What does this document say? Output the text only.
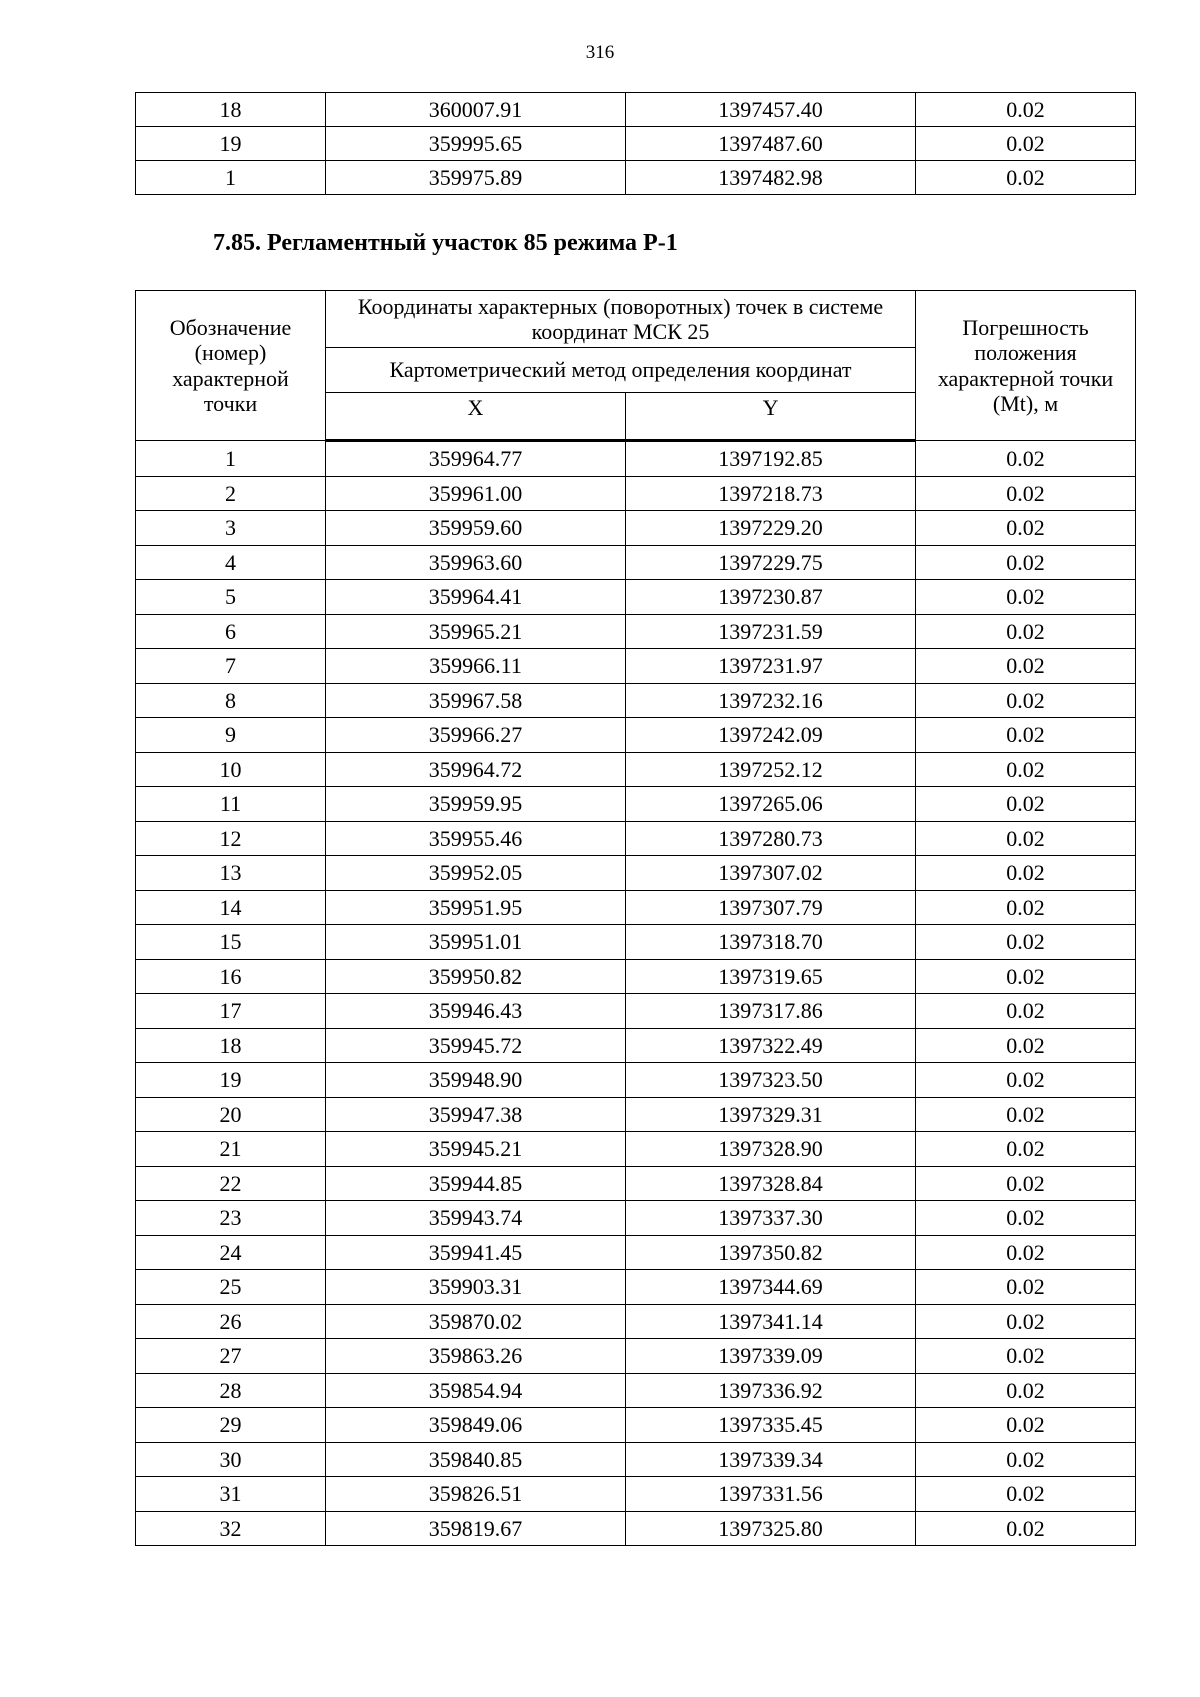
316
18	360007.91	1397457.40	0.02
19	359995.65	1397487.60	0.02
1	359975.89	1397482.98	0.02
7.85. Регламентный участок 85 режима Р-1
Обозначение (номер) характерной точки	Координаты характерных (поворотных) точек в системе координат МСК 25		Погрешность положения характерной точки (Mt), м
	Картометрический метод определения координат		
	X	Y	
1	359964.77	1397192.85	0.02
2	359961.00	1397218.73	0.02
3	359959.60	1397229.20	0.02
4	359963.60	1397229.75	0.02
5	359964.41	1397230.87	0.02
6	359965.21	1397231.59	0.02
7	359966.11	1397231.97	0.02
8	359967.58	1397232.16	0.02
9	359966.27	1397242.09	0.02
10	359964.72	1397252.12	0.02
11	359959.95	1397265.06	0.02
12	359955.46	1397280.73	0.02
13	359952.05	1397307.02	0.02
14	359951.95	1397307.79	0.02
15	359951.01	1397318.70	0.02
16	359950.82	1397319.65	0.02
17	359946.43	1397317.86	0.02
18	359945.72	1397322.49	0.02
19	359948.90	1397323.50	0.02
20	359947.38	1397329.31	0.02
21	359945.21	1397328.90	0.02
22	359944.85	1397328.84	0.02
23	359943.74	1397337.30	0.02
24	359941.45	1397350.82	0.02
25	359903.31	1397344.69	0.02
26	359870.02	1397341.14	0.02
27	359863.26	1397339.09	0.02
28	359854.94	1397336.92	0.02
29	359849.06	1397335.45	0.02
30	359840.85	1397339.34	0.02
31	359826.51	1397331.56	0.02
32	359819.67	1397325.80	0.02
